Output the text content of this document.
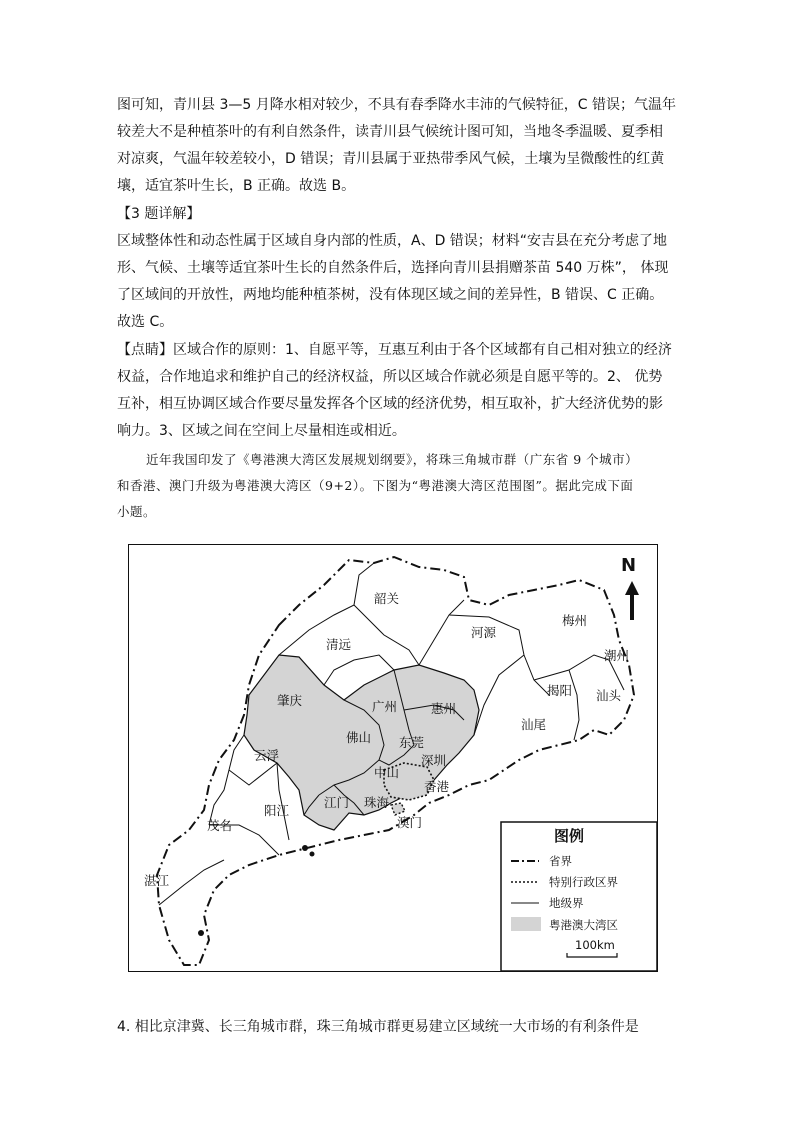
图可知，青川县 3—5 月降水相对较少，不具有春季降水丰沛的气候特征，C 错误；气温年
较差大不是种植茶叶的有利自然条件，读青川县气候统计图可知，当地冬季温暖、夏季相
对凉爽，气温年较差较小，D 错误；青川县属于亚热带季风气候，土壤为呈微酸性的红黄
壤，适宜茶叶生长，B 正确。故选 B。
【3 题详解】
区域整体性和动态性属于区域自身内部的性质，A、D 错误；材料“安吉县在充分考虑了地
形、气候、土壤等适宜茶叶生长的自然条件后，选择向青川县捐赠茶苗 540 万株”， 体现
了区域间的开放性，两地均能种植茶树，没有体现区域之间的差异性，B 错误、C 正确。
故选 C。
【点睛】区域合作的原则：1、自愿平等，互惠互利由于各个区域都有自己相对独立的经济
权益，合作地追求和维护自己的经济权益，所以区域合作就必须是自愿平等的。2、 优势
互补，相互协调区域合作要尽量发挥各个区域的经济优势，相互取补，扩大经济优势的影
响力。3、区域之间在空间上尽量相连或相近。
近年我国印发了《粤港澳大湾区发展规划纲要》，将珠三角城市群（广东省 9 个城市）
和香港、澳门升级为粤港澳大湾区（9+2）。下图为“粤港澳大湾区范围图”。据此完成下面
小题。
韶关
清远
河源
梅州
潮州
揭阳 汕头
汕尾
肇庆	广州	惠州
佛山 东莞
深圳
云浮
中山
香港
江门 珠海
澳门
阳江
茂名
湛江
N
图例
省界
特别行政区界
地级界
粤港澳大湾区
100km
4. 相比京津冀、长三角城市群，珠三角城市群更易建立区域统一大市场的有利条件是
